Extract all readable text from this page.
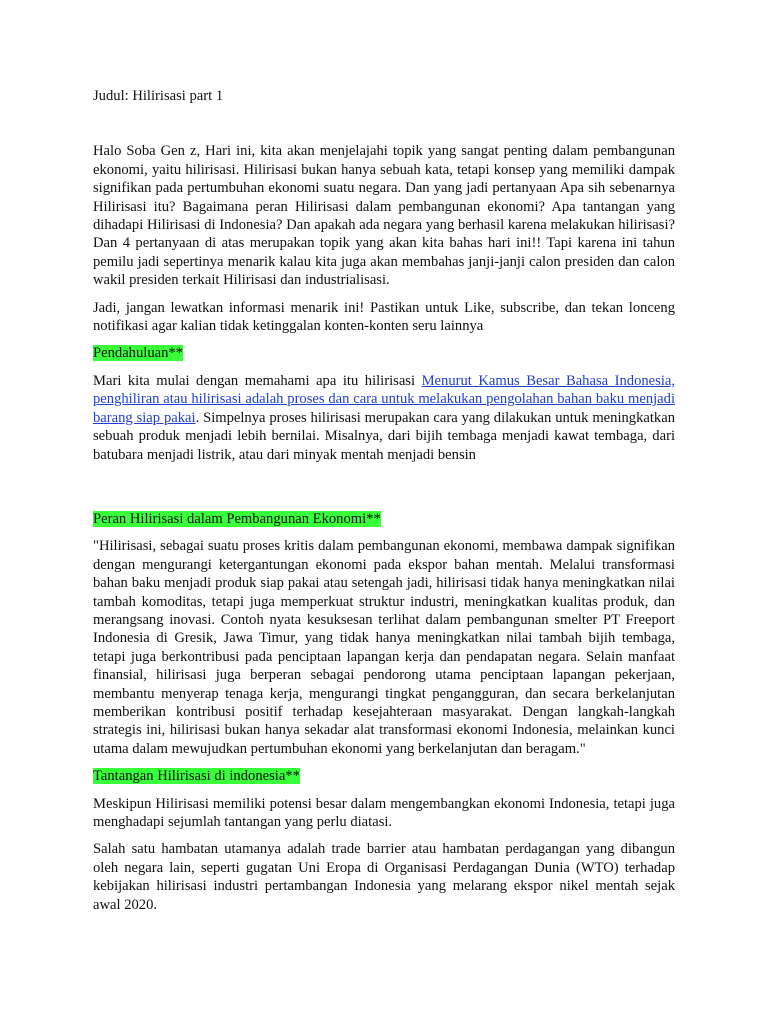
Judul: Hilirisasi part 1

Halo Soba Gen z, Hari ini, kita akan menjelajahi topik yang sangat penting dalam pembangunan ekonomi, yaitu hilirisasi. Hilirisasi bukan hanya sebuah kata, tetapi konsep yang memiliki dampak signifikan pada pertumbuhan ekonomi suatu negara. Dan yang jadi pertanyaan Apa sih sebenarnya Hilirisasi itu? Bagaimana peran Hilirisasi dalam pembangunan ekonomi? Apa tantangan yang dihadapi Hilirisasi di Indonesia? Dan apakah ada negara yang berhasil karena melakukan hilirisasi? Dan 4 pertanyaan di atas merupakan topik yang akan kita bahas hari ini!! Tapi karena ini tahun pemilu jadi sepertinya menarik kalau kita juga akan membahas janji-janji calon presiden dan calon wakil presiden terkait Hilirisasi dan industrialisasi.

Jadi, jangan lewatkan informasi menarik ini! Pastikan untuk Like, subscribe, dan tekan lonceng notifikasi agar kalian tidak ketinggalan konten-konten seru lainnya

Pendahuluan**

Mari kita mulai dengan memahami apa itu hilirisasi Menurut Kamus Besar Bahasa Indonesia, penghiliran atau hilirisasi adalah proses dan cara untuk melakukan pengolahan bahan baku menjadi barang siap pakai. Simpelnya proses hilirisasi merupakan cara yang dilakukan untuk meningkatkan sebuah produk menjadi lebih bernilai. Misalnya, dari bijih tembaga menjadi kawat tembaga, dari batubara menjadi listrik, atau dari minyak mentah menjadi bensin

Peran Hilirisasi dalam Pembangunan Ekonomi**

"Hilirisasi, sebagai suatu proses kritis dalam pembangunan ekonomi, membawa dampak signifikan dengan mengurangi ketergantungan ekonomi pada ekspor bahan mentah. Melalui transformasi bahan baku menjadi produk siap pakai atau setengah jadi, hilirisasi tidak hanya meningkatkan nilai tambah komoditas, tetapi juga memperkuat struktur industri, meningkatkan kualitas produk, dan merangsang inovasi. Contoh nyata kesuksesan terlihat dalam pembangunan smelter PT Freeport Indonesia di Gresik, Jawa Timur, yang tidak hanya meningkatkan nilai tambah bijih tembaga, tetapi juga berkontribusi pada penciptaan lapangan kerja dan pendapatan negara. Selain manfaat finansial, hilirisasi juga berperan sebagai pendorong utama penciptaan lapangan pekerjaan, membantu menyerap tenaga kerja, mengurangi tingkat pengangguran, dan secara berkelanjutan memberikan kontribusi positif terhadap kesejahteraan masyarakat. Dengan langkah-langkah strategis ini, hilirisasi bukan hanya sekadar alat transformasi ekonomi Indonesia, melainkan kunci utama dalam mewujudkan pertumbuhan ekonomi yang berkelanjutan dan beragam."

Tantangan Hilirisasi di indonesia**

Meskipun Hilirisasi memiliki potensi besar dalam mengembangkan ekonomi Indonesia, tetapi juga menghadapi sejumlah tantangan yang perlu diatasi.

Salah satu hambatan utamanya adalah trade barrier atau hambatan perdagangan yang dibangun oleh negara lain, seperti gugatan Uni Eropa di Organisasi Perdagangan Dunia (WTO) terhadap kebijakan hilirisasi industri pertambangan Indonesia yang melarang ekspor nikel mentah sejak awal 2020.
